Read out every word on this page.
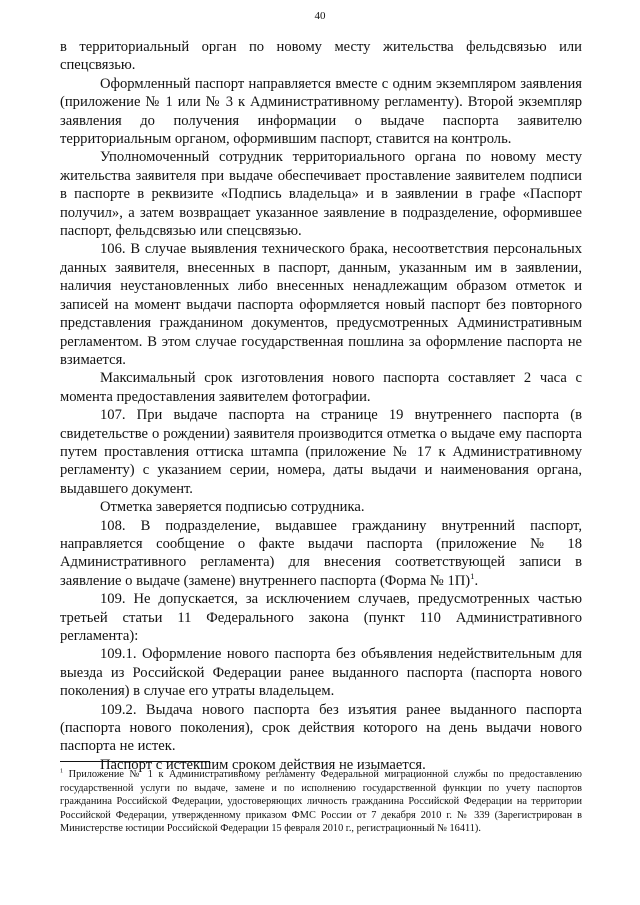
40

в территориальный орган по новому месту жительства фельдсвязью или спецсвязью.

Оформленный паспорт направляется вместе с одним экземпляром заявления (приложение № 1 или № 3 к Административному регламенту). Второй экземпляр заявления до получения информации о выдаче паспорта заявителю территориальным органом, оформившим паспорт, ставится на контроль.

Уполномоченный сотрудник территориального органа по новому месту жительства заявителя при выдаче обеспечивает проставление заявителем подписи в паспорте в реквизите «Подпись владельца» и в заявлении в графе «Паспорт получил», а затем возвращает указанное заявление в подразделение, оформившее паспорт, фельдсвязью или спецсвязью.

106. В случае выявления технического брака, несоответствия персональных данных заявителя, внесенных в паспорт, данным, указанным им в заявлении, наличия неустановленных либо внесенных ненадлежащим образом отметок и записей на момент выдачи паспорта оформляется новый паспорт без повторного представления гражданином документов, предусмотренных Административным регламентом. В этом случае государственная пошлина за оформление паспорта не взимается.

Максимальный срок изготовления нового паспорта составляет 2 часа с момента предоставления заявителем фотографии.

107. При выдаче паспорта на странице 19 внутреннего паспорта (в свидетельстве о рождении) заявителя производится отметка о выдаче ему паспорта путем проставления оттиска штампа (приложение № 17 к Административному регламенту) с указанием серии, номера, даты выдачи и наименования органа, выдавшего документ.

Отметка заверяется подписью сотрудника.

108. В подразделение, выдавшее гражданину внутренний паспорт, направляется сообщение о факте выдачи паспорта (приложение № 18 Административного регламента) для внесения соответствующей записи в заявление о выдаче (замене) внутреннего паспорта (Форма № 1П)$^1$.

109. Не допускается, за исключением случаев, предусмотренных частью третьей статьи 11 Федерального закона (пункт 110 Административного регламента):

109.1. Оформление нового паспорта без объявления недействительным для выезда из Российской Федерации ранее выданного паспорта (паспорта нового поколения) в случае его утраты владельцем.

109.2. Выдача нового паспорта без изъятия ранее выданного паспорта (паспорта нового поколения), срок действия которого на день выдачи нового паспорта не истек.

Паспорт с истекшим сроком действия не изымается.

$^1$ Приложение № 1 к Административному регламенту Федеральной миграционной службы по предоставлению государственной услуги по выдаче, замене и по исполнению государственной функции по учету паспортов гражданина Российской Федерации, удостоверяющих личность гражданина Российской Федерации на территории Российской Федерации, утвержденному приказом ФМС России от 7 декабря 2010 г. № 339 (Зарегистрирован в Министерстве юстиции Российской Федерации 15 февраля 2010 г., регистрационный № 16411).
